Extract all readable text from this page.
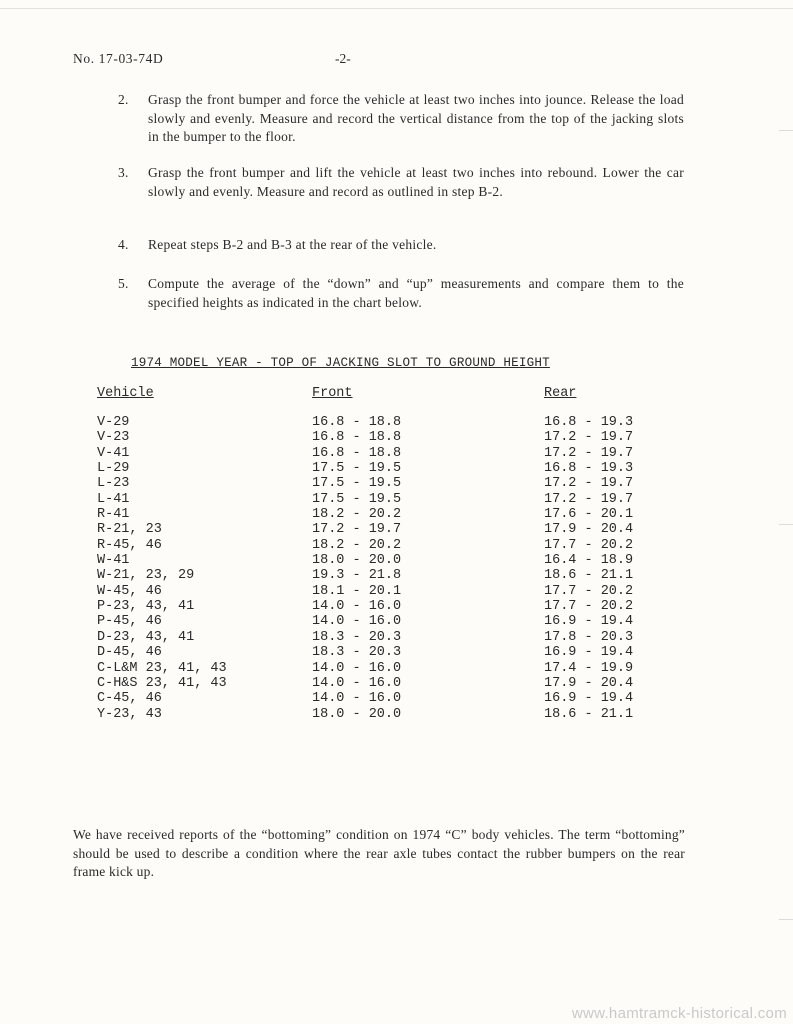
No. 17-03-74D	-2-
2. Grasp the front bumper and force the vehicle at least two inches into jounce. Release the load slowly and evenly. Measure and record the vertical distance from the top of the jacking slots in the bumper to the floor.
3. Grasp the front bumper and lift the vehicle at least two inches into rebound. Lower the car slowly and evenly. Measure and record as outlined in step B-2.
4. Repeat steps B-2 and B-3 at the rear of the vehicle.
5. Compute the average of the “down” and “up” measurements and compare them to the specified heights as indicated in the chart below.
1974 MODEL YEAR - TOP OF JACKING SLOT TO GROUND HEIGHT
Vehicle	Front	Rear
V-29	16.8 - 18.8	16.8 - 19.3
V-23	16.8 - 18.8	17.2 - 19.7
V-41	16.8 - 18.8	17.2 - 19.7
L-29	17.5 - 19.5	16.8 - 19.3
L-23	17.5 - 19.5	17.2 - 19.7
L-41	17.5 - 19.5	17.2 - 19.7
R-41	18.2 - 20.2	17.6 - 20.1
R-21, 23	17.2 - 19.7	17.9 - 20.4
R-45, 46	18.2 - 20.2	17.7 - 20.2
W-41	18.0 - 20.0	16.4 - 18.9
W-21, 23, 29	19.3 - 21.8	18.6 - 21.1
W-45, 46	18.1 - 20.1	17.7 - 20.2
P-23, 43, 41	14.0 - 16.0	17.7 - 20.2
P-45, 46	14.0 - 16.0	16.9 - 19.4
D-23, 43, 41	18.3 - 20.3	17.8 - 20.3
D-45, 46	18.3 - 20.3	16.9 - 19.4
C-L&M 23, 41, 43	14.0 - 16.0	17.4 - 19.9
C-H&S 23, 41, 43	14.0 - 16.0	17.9 - 20.4
C-45, 46	14.0 - 16.0	16.9 - 19.4
Y-23, 43	18.0 - 20.0	18.6 - 21.1
We have received reports of the “bottoming” condition on 1974 “C” body vehicles. The term “bottoming” should be used to describe a condition where the rear axle tubes contact the rubber bumpers on the rear frame kick up.
www.hamtramck-historical.com
